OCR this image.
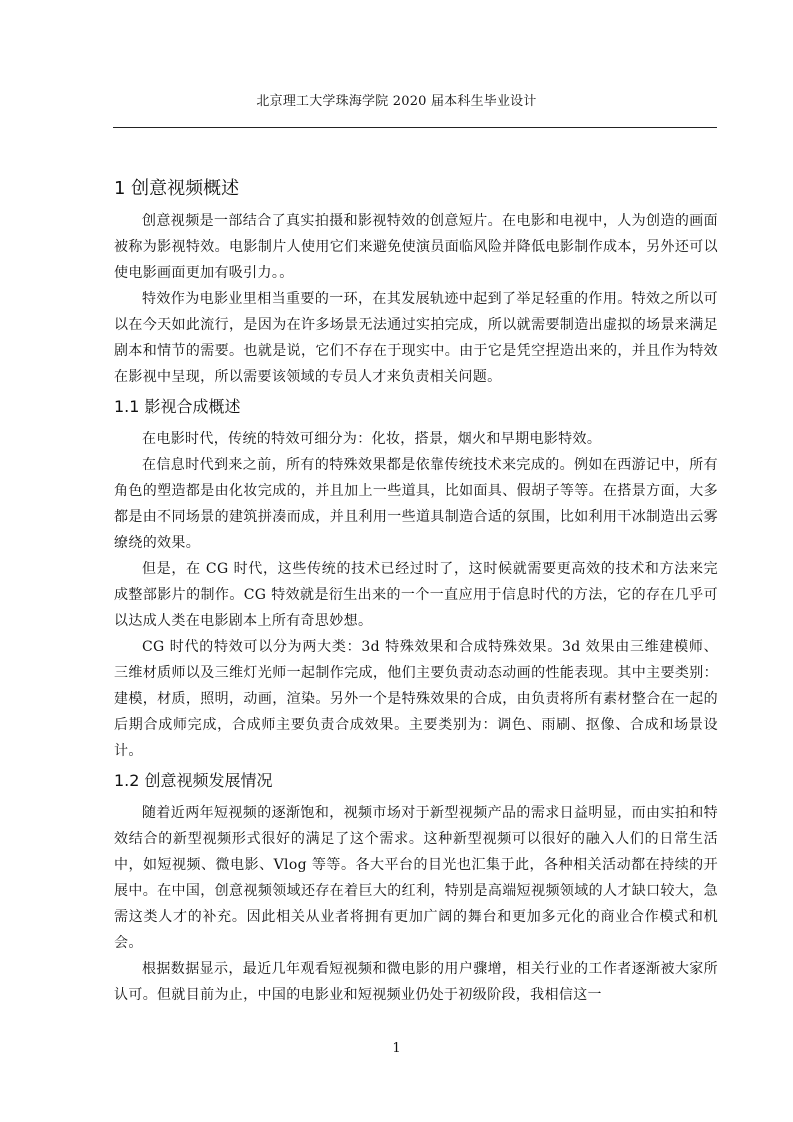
北京理工大学珠海学院 2020 届本科生毕业设计
1 创意视频概述

创意视频是一部结合了真实拍摄和影视特效的创意短片。在电影和电视中，人为创造的画面被称为影视特效。电影制片人使用它们来避免使演员面临风险并降低电影制作成本，另外还可以使电影画面更加有吸引力。。

特效作为电影业里相当重要的一环，在其发展轨迹中起到了举足轻重的作用。特效之所以可以在今天如此流行，是因为在许多场景无法通过实拍完成，所以就需要制造出虚拟的场景来满足剧本和情节的需要。也就是说，它们不存在于现实中。由于它是凭空捏造出来的，并且作为特效在影视中呈现，所以需要该领域的专员人才来负责相关问题。

1.1 影视合成概述

在电影时代，传统的特效可细分为：化妆，搭景，烟火和早期电影特效。

在信息时代到来之前，所有的特殊效果都是依靠传统技术来完成的。例如在西游记中，所有角色的塑造都是由化妆完成的，并且加上一些道具，比如面具、假胡子等等。在搭景方面，大多都是由不同场景的建筑拼凑而成，并且利用一些道具制造合适的氛围，比如利用干冰制造出云雾缭绕的效果。

但是，在 CG 时代，这些传统的技术已经过时了，这时候就需要更高效的技术和方法来完成整部影片的制作。CG 特效就是衍生出来的一个一直应用于信息时代的方法，它的存在几乎可以达成人类在电影剧本上所有奇思妙想。

CG 时代的特效可以分为两大类：3d 特殊效果和合成特殊效果。3d 效果由三维建模师、三维材质师以及三维灯光师一起制作完成，他们主要负责动态动画的性能表现。其中主要类别：建模，材质，照明，动画，渲染。另外一个是特殊效果的合成，由负责将所有素材整合在一起的后期合成师完成，合成师主要负责合成效果。主要类别为：调色、雨刷、抠像、合成和场景设计。

1.2 创意视频发展情况

随着近两年短视频的逐渐饱和，视频市场对于新型视频产品的需求日益明显，而由实拍和特效结合的新型视频形式很好的满足了这个需求。这种新型视频可以很好的融入人们的日常生活中，如短视频、微电影、Vlog 等等。各大平台的目光也汇集于此，各种相关活动都在持续的开展中。在中国，创意视频领域还存在着巨大的红利，特别是高端短视频领域的人才缺口较大，急需这类人才的补充。因此相关从业者将拥有更加广阔的舞台和更加多元化的商业合作模式和机会。

根据数据显示，最近几年观看短视频和微电影的用户骤增，相关行业的工作者逐渐被大家所认可。但就目前为止，中国的电影业和短视频业仍处于初级阶段，我相信这一

1
